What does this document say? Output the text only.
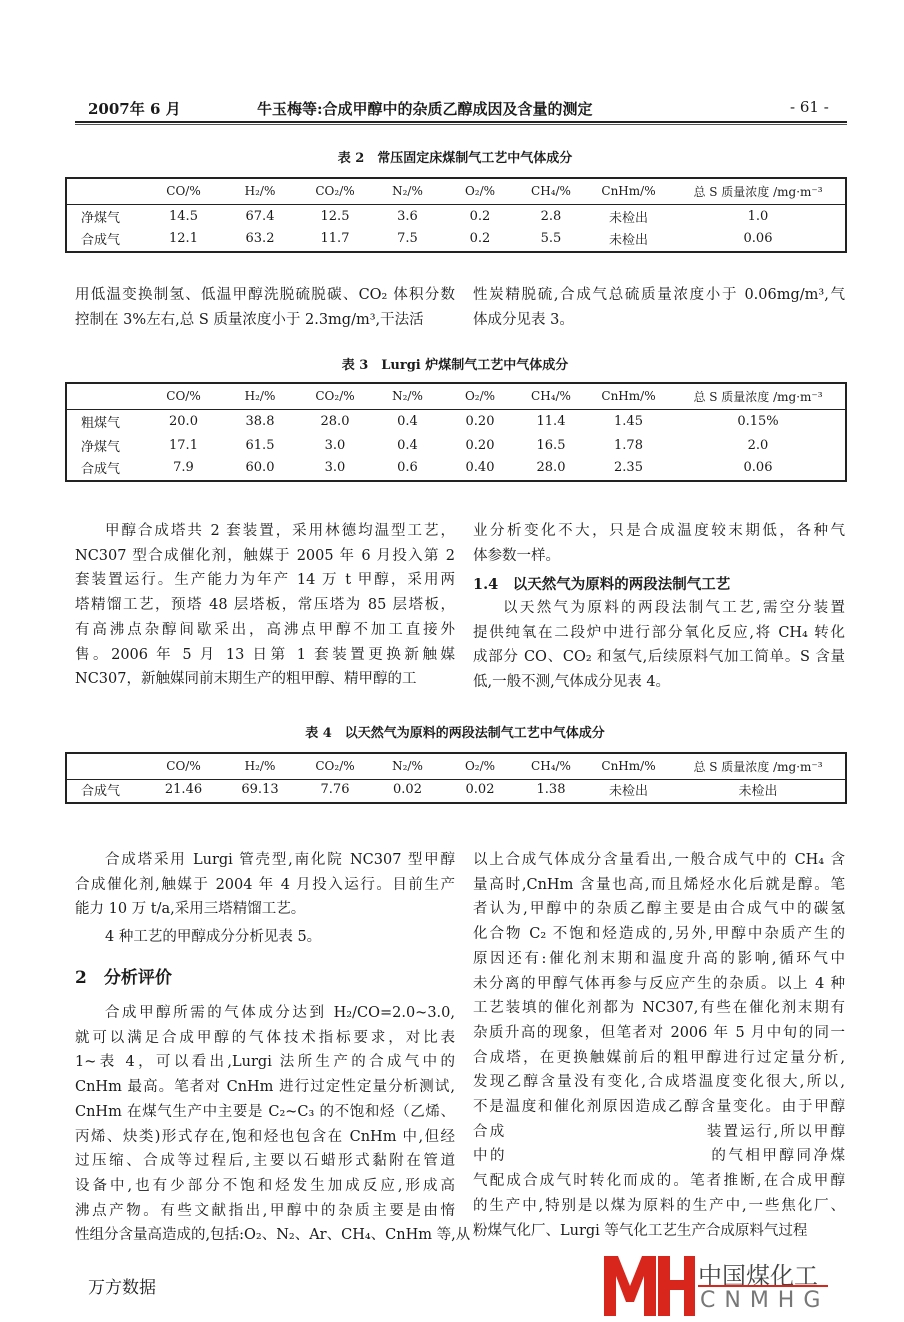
2007年 6 月	牛玉梅等:合成甲醇中的杂质乙醇成因及含量的测定	- 61 -
表 2　常压固定床煤制气工艺中气体成分
	CO/%	H₂/%	CO₂/%	N₂/%	O₂/%	CH₄/%	CnHm/%	总 S 质量浓度 /mg·m⁻³
净煤气	14.5	67.4	12.5	3.6	0.2	2.8	未检出	1.0
合成气	12.1	63.2	11.7	7.5	0.2	5.5	未检出	0.06
用低温变换制氢、低温甲醇洗脱硫脱碳、CO₂ 体积分数
控制在 3%左右,总 S 质量浓度小于 2.3mg/m³,干法活
性炭精脱硫,合成气总硫质量浓度小于 0.06mg/m³,气
体成分见表 3。
表 3　Lurgi 炉煤制气工艺中气体成分
	CO/%	H₂/%	CO₂/%	N₂/%	O₂/%	CH₄/%	CnHm/%	总 S 质量浓度 /mg·m⁻³
粗煤气	20.0	38.8	28.0	0.4	0.20	11.4	1.45	0.15%
净煤气	17.1	61.5	3.0	0.4	0.20	16.5	1.78	2.0
合成气	7.9	60.0	3.0	0.6	0.40	28.0	2.35	0.06
甲醇合成塔共 2 套装置，采用林德均温型工艺，
NC307 型合成催化剂，触媒于 2005 年 6 月投入第 2
套装置运行。生产能力为年产 14 万 t 甲醇，采用两
塔精馏工艺，预塔 48 层塔板，常压塔为 85 层塔板，
有高沸点杂醇间歇采出，高沸点甲醇不加工直接外
售。2006 年 5 月 13 日第 1 套装置更换新触媒
NC307，新触媒同前末期生产的粗甲醇、精甲醇的工
业分析变化不大，只是合成温度较末期低，各种气
体参数一样。
1.4　以天然气为原料的两段法制气工艺
以天然气为原料的两段法制气工艺,需空分装置
提供纯氧在二段炉中进行部分氧化反应,将 CH₄ 转化
成部分 CO、CO₂ 和氢气,后续原料气加工简单。S 含量
低,一般不测,气体成分见表 4。
表 4　以天然气为原料的两段法制气工艺中气体成分
	CO/%	H₂/%	CO₂/%	N₂/%	O₂/%	CH₄/%	CnHm/%	总 S 质量浓度 /mg·m⁻³
合成气	21.46	69.13	7.76	0.02	0.02	1.38	未检出	未检出
合成塔采用 Lurgi 管壳型,南化院 NC307 型甲醇
合成催化剂,触媒于 2004 年 4 月投入运行。目前生产
能力 10 万 t/a,采用三塔精馏工艺。
4 种工艺的甲醇成分分析见表 5。
2　分析评价
合成甲醇所需的气体成分达到 H₂/CO=2.0~3.0,
就可以满足合成甲醇的气体技术指标要求，对比表
1~表 4，可以看出,Lurgi 法所生产的合成气中的
CnHm 最高。笔者对 CnHm 进行过定性定量分析测试,
CnHm 在煤气生产中主要是 C₂~C₃ 的不饱和烃（乙烯、
丙烯、炔类)形式存在,饱和烃也包含在 CnHm 中,但经
过压缩、合成等过程后,主要以石蜡形式黏附在管道
设备中,也有少部分不饱和烃发生加成反应,形成高
沸点产物。有些文献指出,甲醇中的杂质主要是由惰
性组分含量高造成的,包括:O₂、N₂、Ar、CH₄、CnHm 等,从
以上合成气体成分含量看出,一般合成气中的 CH₄ 含
量高时,CnHm 含量也高,而且烯烃水化后就是醇。笔
者认为,甲醇中的杂质乙醇主要是由合成气中的碳氢
化合物 C₂ 不饱和烃造成的,另外,甲醇中杂质产生的
原因还有:催化剂末期和温度升高的影响,循环气中
未分离的甲醇气体再参与反应产生的杂质。以上 4 种
工艺装填的催化剂都为 NC307,有些在催化剂末期有
杂质升高的现象，但笔者对 2006 年 5 月中旬的同一
合成塔，在更换触媒前后的粗甲醇进行过定量分析,
发现乙醇含量没有变化,合成塔温度变化很大,所以,
不是温度和催化剂原因造成乙醇含量变化。由于甲醇
合成　　　　　　　　　　　　装置运行,所以甲醇
中的　　　　　　　　　　　　的气相甲醇同净煤
气配成合成气时转化而成的。笔者推断,在合成甲醇
的生产中,特别是以煤为原料的生产中,一些焦化厂、
粉煤气化厂、Lurgi 等气化工艺生产合成原料气过程
中国煤化工
CNMHG
万方数据
